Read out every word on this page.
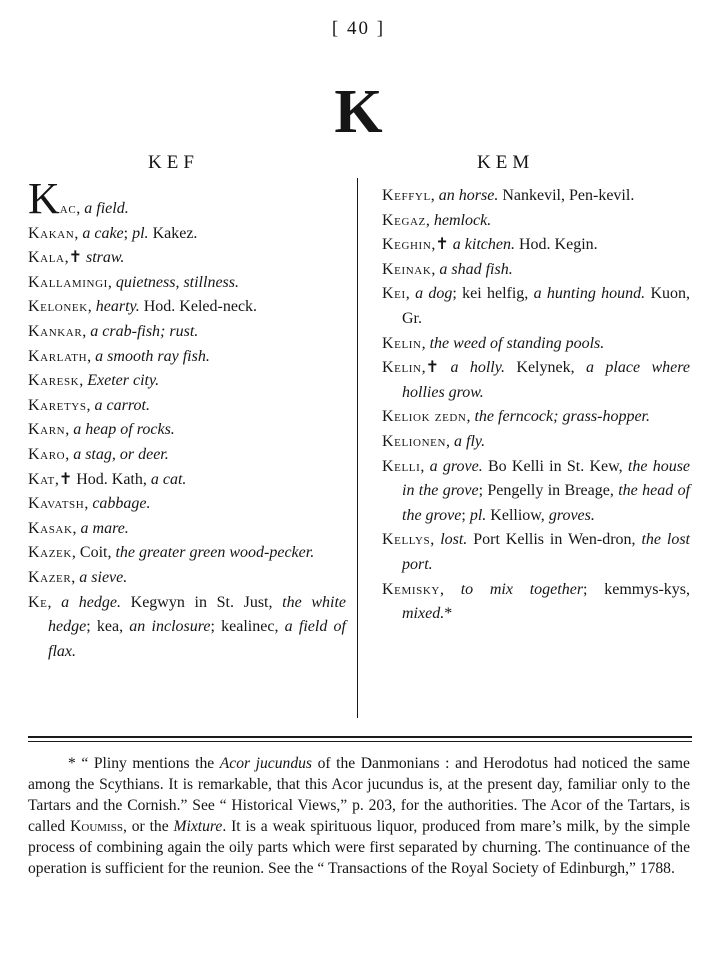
[ 40 ]
K
KEF	KEM

Kac, a field.

Kakan, a cake; pl. Kakez.

Kala,✝ straw.

Kallamingi, quietness, stillness.

Kelonek, hearty. Hod. Keled-neck.

Kankar, a crab-fish; rust.

Karlath, a smooth ray fish.

Karesk, Exeter city.

Karetys, a carrot.

Karn, a heap of rocks.

Karo, a stag, or deer.

Kat,✝ Hod. Kath, a cat.

Kavatsh, cabbage.

Kasak, a mare.

Kazek, Coit, the greater green wood-pecker.

Kazer, a sieve.

Ke, a hedge. Kegwyn in St. Just, the white hedge; kea, an inclosure; kealinec, a field of flax.

Keffyl, an horse. Nankevil, Pen-kevil.

Kegaz, hemlock.

Keghin,✝ a kitchen. Hod. Kegin.

Keinak, a shad fish.

Kei, a dog; kei helfig, a hunting hound. Kuon, Gr.

Kelin, the weed of standing pools.

Kelin,✝ a holly. Kelynek, a place where hollies grow.

Keliok zedn, the ferncock; grass-hopper.

Kelionen, a fly.

Kelli, a grove. Bo Kelli in St. Kew, the house in the grove; Pengelly in Breage, the head of the grove; pl. Kelliow, groves.

Kellys, lost. Port Kellis in Wen-dron, the lost port.

Kemisky, to mix together; kemmys-kys, mixed.*

* “ Pliny mentions the Acor jucundus of the Danmonians : and Herodotus had noticed the same among the Scythians. It is remarkable, that this Acor jucundus is, at the present day, familiar only to the Tartars and the Cornish.” See “ Historical Views,” p. 203, for the authorities. The Acor of the Tartars, is called Koumiss, or the Mixture. It is a weak spirituous liquor, produced from mare’s milk, by the simple process of combining again the oily parts which were first separated by churning. The continuance of the operation is sufficient for the reunion. See the “ Transactions of the Royal Society of Edinburgh,” 1788.
